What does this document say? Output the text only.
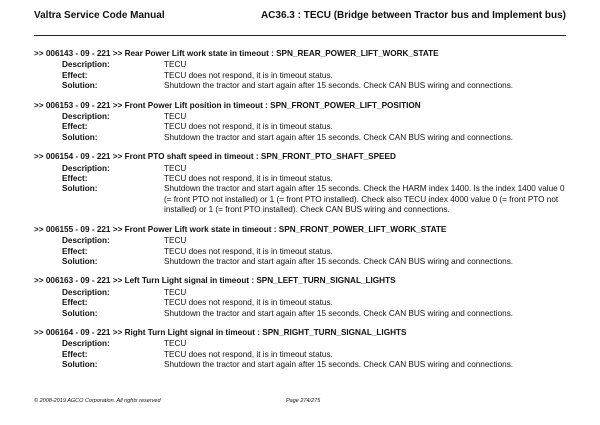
Valtra Service Code Manual	AC36.3 : TECU (Bridge between Tractor bus and Implement bus)
>> 006143 - 09 - 221 >> Rear Power Lift work state in timeout : SPN_REAR_POWER_LIFT_WORK_STATE
Description:	TECU
Effect:	TECU does not respond, it is in timeout status.
Solution:	Shutdown the tractor and start again after 15 seconds. Check CAN BUS wiring and connections.
>> 006153 - 09 - 221 >> Front Power Lift position in timeout : SPN_FRONT_POWER_LIFT_POSITION
Description:	TECU
Effect:	TECU does not respond, it is in timeout status.
Solution:	Shutdown the tractor and start again after 15 seconds. Check CAN BUS wiring and connections.
>> 006154 - 09 - 221 >> Front PTO shaft speed in timeout : SPN_FRONT_PTO_SHAFT_SPEED
Description:	TECU
Effect:	TECU does not respond, it is in timeout status.
Solution:	Shutdown the tractor and start again after 15 seconds. Check the HARM index 1400. Is the index 1400 value 0 (= front PTO not installed) or 1 (= front PTO installed). Check also TECU index 4000 value 0 (= front PTO not installed) or 1 (= front PTO installed). Check CAN BUS wiring and connections.
>> 006155 - 09 - 221 >> Front Power Lift work state in timeout : SPN_FRONT_POWER_LIFT_WORK_STATE
Description:	TECU
Effect:	TECU does not respond, it is in timeout status.
Solution:	Shutdown the tractor and start again after 15 seconds. Check CAN BUS wiring and connections.
>> 006163 - 09 - 221 >> Left Turn Light signal in timeout : SPN_LEFT_TURN_SIGNAL_LIGHTS
Description:	TECU
Effect:	TECU does not respond, it is in timeout status.
Solution:	Shutdown the tractor and start again after 15 seconds. Check CAN BUS wiring and connections.
>> 006164 - 09 - 221 >> Right Turn Light signal in timeout : SPN_RIGHT_TURN_SIGNAL_LIGHTS
Description:	TECU
Effect:	TECU does not respond, it is in timeout status.
Solution:	Shutdown the tractor and start again after 15 seconds. Check CAN BUS wiring and connections.
© 2008-2019 AGCO Corporation. All rights reserved	Page 274/275
